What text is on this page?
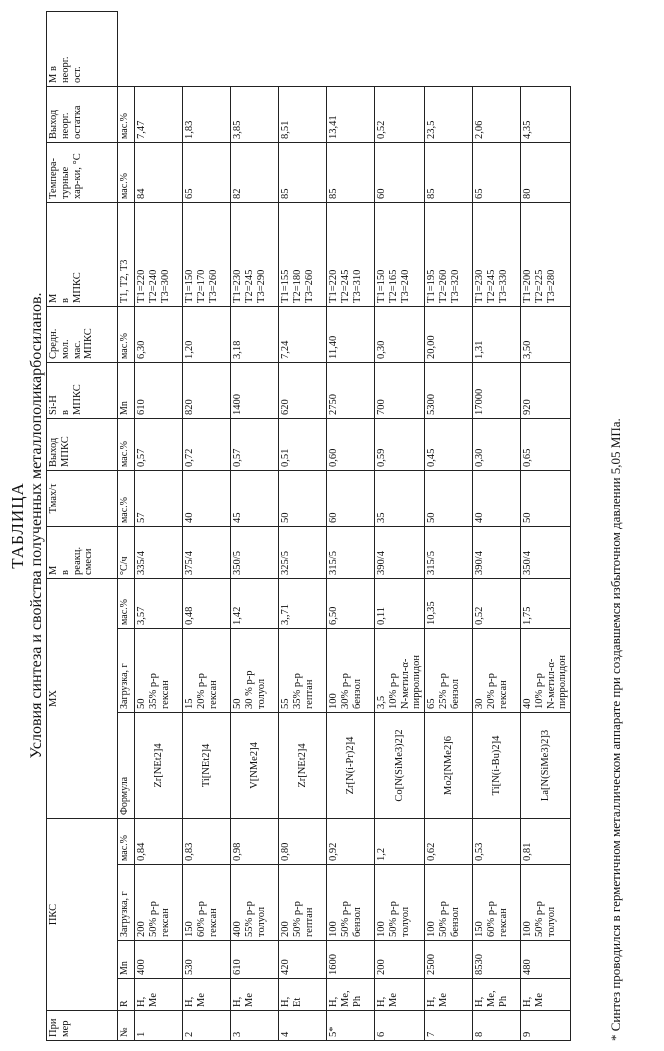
ТАБЛИЦА Условия синтеза и свойства полученных металлополикарбосиланов.
При
мер	ПКС	МХ	М
в
реакц.
смеси	Тмах/τ	Выход
МПКС	Si-H
в
МПКС	Средн.
мол.
мас.
МПКС	М
в
МПКС	Темпера-
турные
хар-ки, °С	Выход
неорг.
остатка	М в
неорг.
ост.
№	R	Мn	Загрузка, г	мас.%	Формула	Загрузка, г	мас.%	°С/ч	мас.%	мас.%	Мn	мас.%	Т1, Т2, Т3	мас.%	мас.%
1	H,
Me	400	200
50% р-р
гексан	0,84	Zr[NEt2]4	50
35% р-р
гексан	3,57	335/4	57	0,57	610	6,30	T1=220
T2=240
T3=300	84	7,47
2	H,
Me	530	150
60% р-р
гексан	0,83	Ti[NEt2]4	15
20% р-р
гексан	0,48	375/4	40	0,72	820	1,20	T1=150
T2=170
T3=260	65	1,83
3	H,
Me	610	400
55% р-р
толуол	0,98	V[NMe2]4	50
30 % р-р
толуол	1,42	350/5	45	0,57	1400	3,18	T1=230
T2=245
T3=290	82	3,85
4	H,
Et	420	200
50% р-р
гептан	0,80	Zr[NEt2]4	55
35% р-р
гептан	3,,71	325/5	50	0,51	620	7,24	T1=155
T2=180
T3=260	85	8,51
5*	H,
Me,
Ph	1600	100
50% р-р
бензол	0,92	Zr[N(i-Pr)2]4	100
30% р-р
бензол	6,50	315/5	60	0,60	2750	11,40	T1=220
T2=245
T3=310	85	13,41
6	H,
Me	200	100
50% р-р
толуол	1,2	Co[N(SiMe3)2]2	3,5
10% р-р
N-метил-α-
пирролидон	0,11	390/4	35	0,59	700	0,30	T1=150
T2=165
T3=240	60	0,52
7	H,
Me	2500	100
50% р-р
бензол	0,62	Mo2[NMe2]6	65
25% р-р
бензол	10,35	315/5	50	0,45	5300	20,00	T1=195
T2=260
T3=320	85	23,5
8	H,
Me,
Ph	8530	150
60% р-р
гексан	0,53	Ti[N(i-Bu)2]4	30
20% р-р
гексан	0,52	390/4	40	0,30	17000	1,31	T1=230
T2=245
T3=330	65	2,06
9	H,
Me	480	100
50% р-р
толуол	0,81	La[N(SiMe3)2]3	40
10% р-р
N-метил-α-
пирролидон	1,75	350/4	50	0,65	920	3,50	T1=200
T2=225
T3=280	80	4,35
* Синтез проводился в герметичном металлическом аппарате при создавшемся избыточном давлении 5,05 МПа.
